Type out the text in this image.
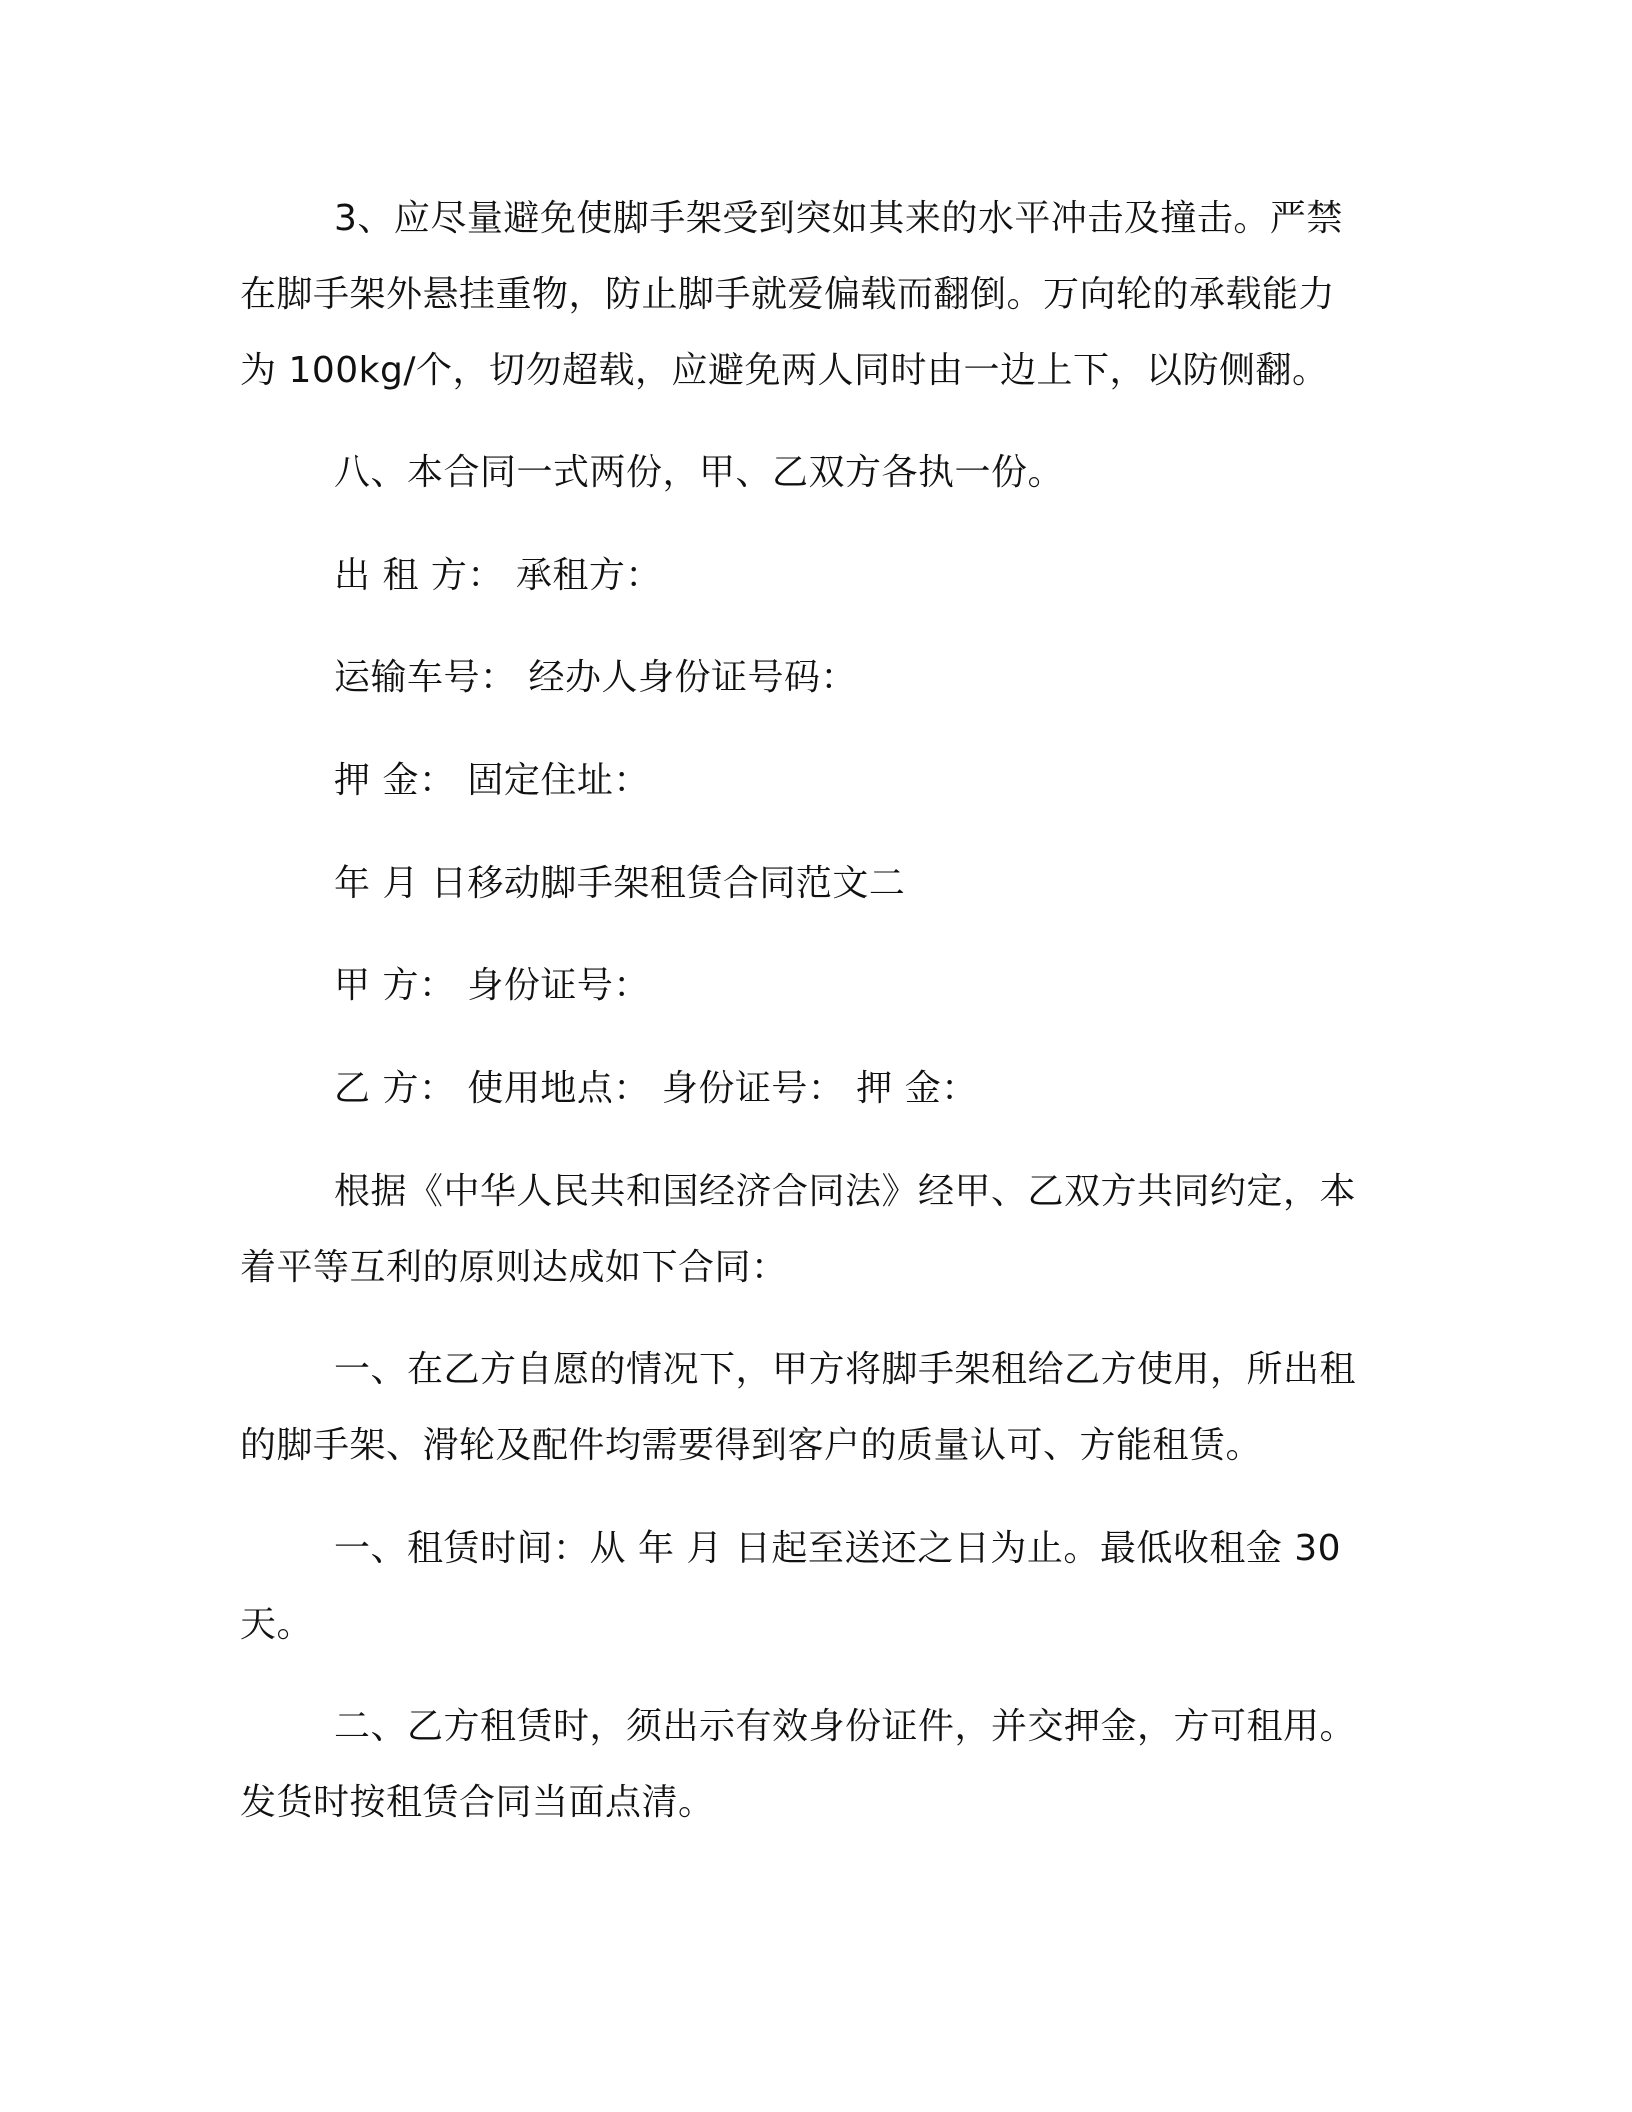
3、应尽量避免使脚手架受到突如其来的水平冲击及撞击。严禁
在脚手架外悬挂重物，防止脚手就爱偏载而翻倒。万向轮的承载能力
为 100kg/个，切勿超载，应避免两人同时由一边上下，以防侧翻。
八、本合同一式两份，甲、乙双方各执一份。
出 租 方： 承租方：
运输车号： 经办人身份证号码：
押 金： 固定住址：
年 月 日移动脚手架租赁合同范文二
甲 方： 身份证号：
乙 方： 使用地点： 身份证号： 押 金：
根据《中华人民共和国经济合同法》经甲、乙双方共同约定，本
着平等互利的原则达成如下合同：
一、在乙方自愿的情况下，甲方将脚手架租给乙方使用，所出租
的脚手架、滑轮及配件均需要得到客户的质量认可、方能租赁。
一、租赁时间：从 年 月 日起至送还之日为止。最低收租金 30
天。
二、乙方租赁时，须出示有效身份证件，并交押金，方可租用。
发货时按租赁合同当面点清。
